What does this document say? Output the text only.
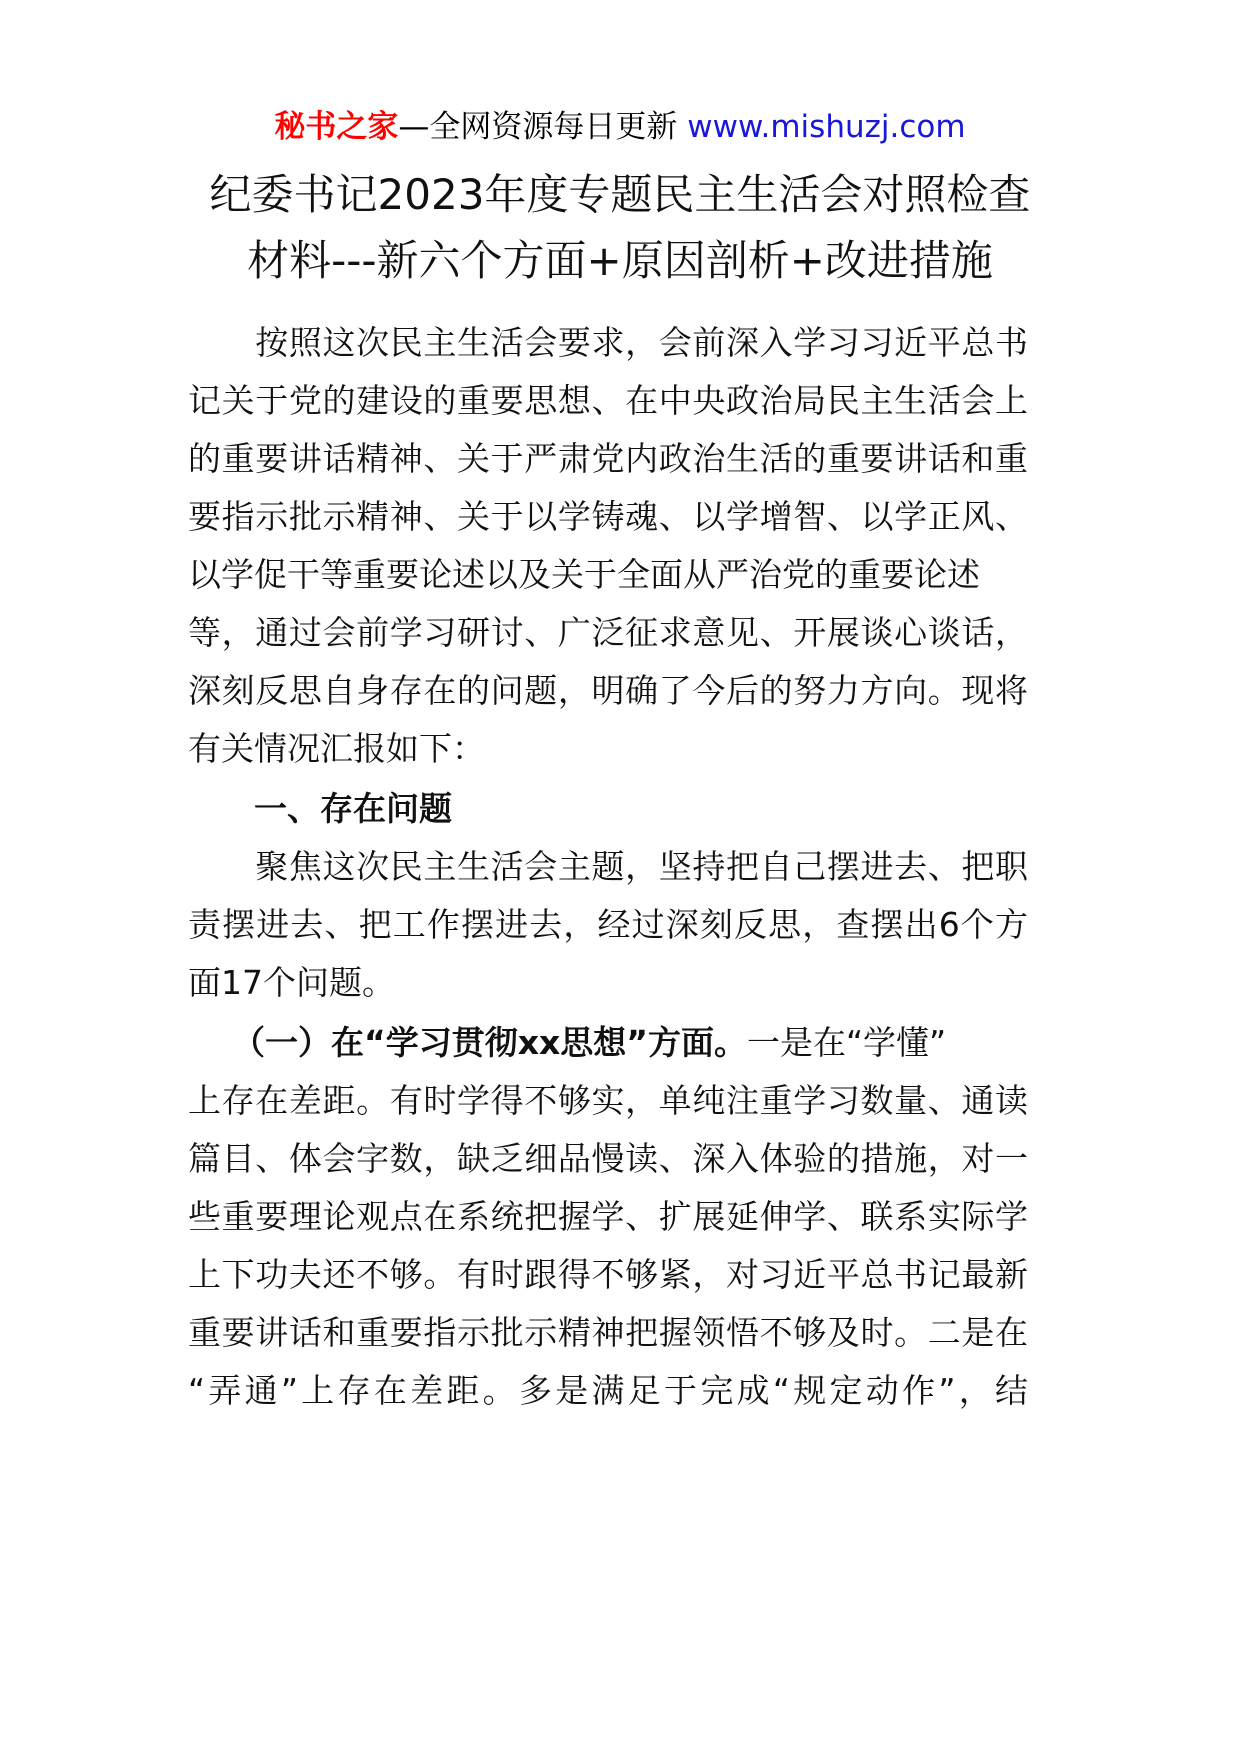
秘书之家—全网资源每日更新 www.mishuzj.com
纪委书记2023年度专题民主生活会对照检查
材料---新六个方面+原因剖析+改进措施
　　按照这次民主生活会要求，会前深入学习习近平总书
记关于党的建设的重要思想、在中央政治局民主生活会上
的重要讲话精神、关于严肃党内政治生活的重要讲话和重
要指示批示精神、关于以学铸魂、以学增智、以学正风、
以学促干等重要论述以及关于全面从严治党的重要论述
等，通过会前学习研讨、广泛征求意见、开展谈心谈话，
深刻反思自身存在的问题，明确了今后的努力方向。现将
有关情况汇报如下：
　　一、存在问题
　　聚焦这次民主生活会主题，坚持把自己摆进去、把职
责摆进去、把工作摆进去，经过深刻反思，查摆出6个方
面17个问题。
（一）在“学习贯彻xx思想”方面。一是在“学懂”
上存在差距。有时学得不够实，单纯注重学习数量、通读
篇目、体会字数，缺乏细品慢读、深入体验的措施，对一
些重要理论观点在系统把握学、扩展延伸学、联系实际学
上下功夫还不够。有时跟得不够紧，对习近平总书记最新
重要讲话和重要指示批示精神把握领悟不够及时。二是在
“弄通”上存在差距。多是满足于完成“规定动作”，结
